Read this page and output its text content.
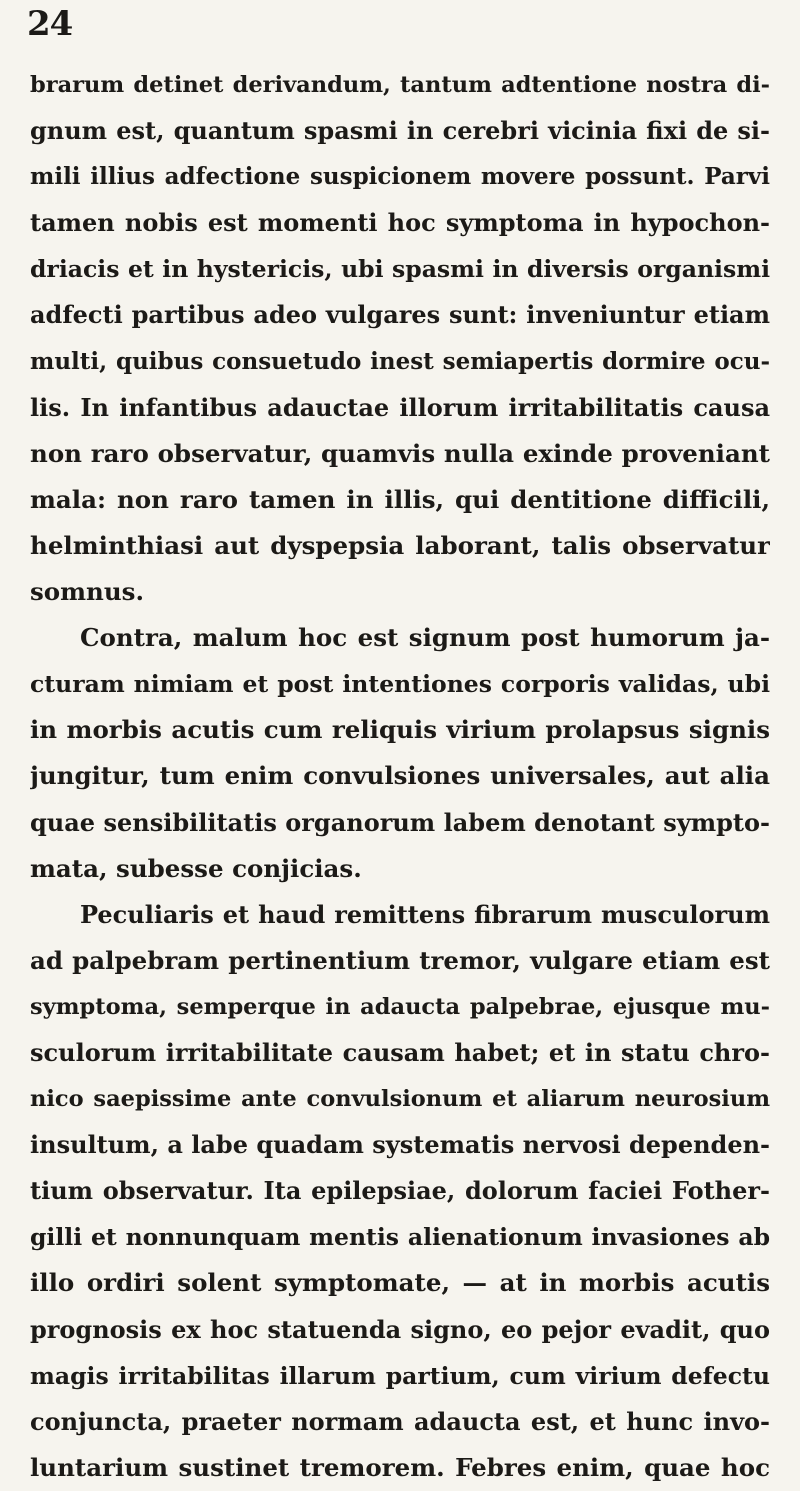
24
brarum detinet derivandum, tantum adtentione nostra di-
gnum est, quantum spasmi in cerebri vicinia fixi de si-
mili illius adfectione suspicionem movere possunt. Parvi
tamen nobis est momenti hoc symptoma in hypochon-
driacis et in hystericis, ubi spasmi in diversis organismi
adfecti partibus adeo vulgares sunt: inveniuntur etiam
multi, quibus consuetudo inest semiapertis dormire ocu-
lis. In infantibus adauctae illorum irritabilitatis causa
non raro observatur, quamvis nulla exinde proveniant
mala: non raro tamen in illis, qui dentitione difficili,
helminthiasi aut dyspepsia laborant, talis observatur
somnus.
Contra, malum hoc est signum post humorum ja-
cturam nimiam et post intentiones corporis validas, ubi
in morbis acutis cum reliquis virium prolapsus signis
jungitur, tum enim convulsiones universales, aut alia
quae sensibilitatis organorum labem denotant sympto-
mata, subesse conjicias.
Peculiaris et haud remittens fibrarum musculorum
ad palpebram pertinentium tremor, vulgare etiam est
symptoma, semperque in adaucta palpebrae, ejusque mu-
sculorum irritabilitate causam habet; et in statu chro-
nico saepissime ante convulsionum et aliarum neurosium
insultum, a labe quadam systematis nervosi dependen-
tium observatur. Ita epilepsiae, dolorum faciei Fother-
gilli et nonnunquam mentis alienationum invasiones ab
illo ordiri solent symptomate, — at in morbis acutis
prognosis ex hoc statuenda signo, eo pejor evadit, quo
magis irritabilitas illarum partium, cum virium defectu
conjuncta, praeter normam adaucta est, et hunc invo-
luntarium sustinet tremorem. Febres enim, quae hoc
